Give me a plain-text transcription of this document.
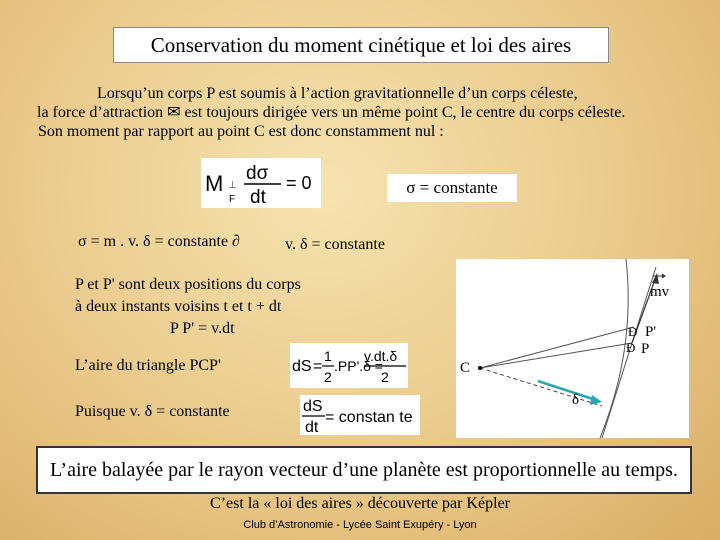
Conservation du moment cinétique et loi des aires
Lorsqu’un corps P est soumis à l’action gravitationnelle d’un corps céleste,
la force d’attraction ✉ est toujours dirigée vers un même point C, le centre du corps céleste.
Son moment par rapport au point C est donc constamment nul :
M ⊥
F
dσ
dt
= 0	σ = constante
σ = m . v. δ = constante ∂	v. δ = constante
P et P' sont deux positions du corps
à deux instants voisins t et t + dt
P P' = v.dt
L’aire du triangle PCP'	dS =
1
2
.PP'.δ =
v.dt.δ
2
Puisque v. δ = constante	dS
dt
= constan te
C
Ð P'
Ð P
mv
δ
L’aire balayée par le rayon vecteur d’une planète est proportionnelle au temps.
C’est la « loi des aires » découverte par Képler
Club d’Astronomie - Lycée Saint Exupéry - Lyon
